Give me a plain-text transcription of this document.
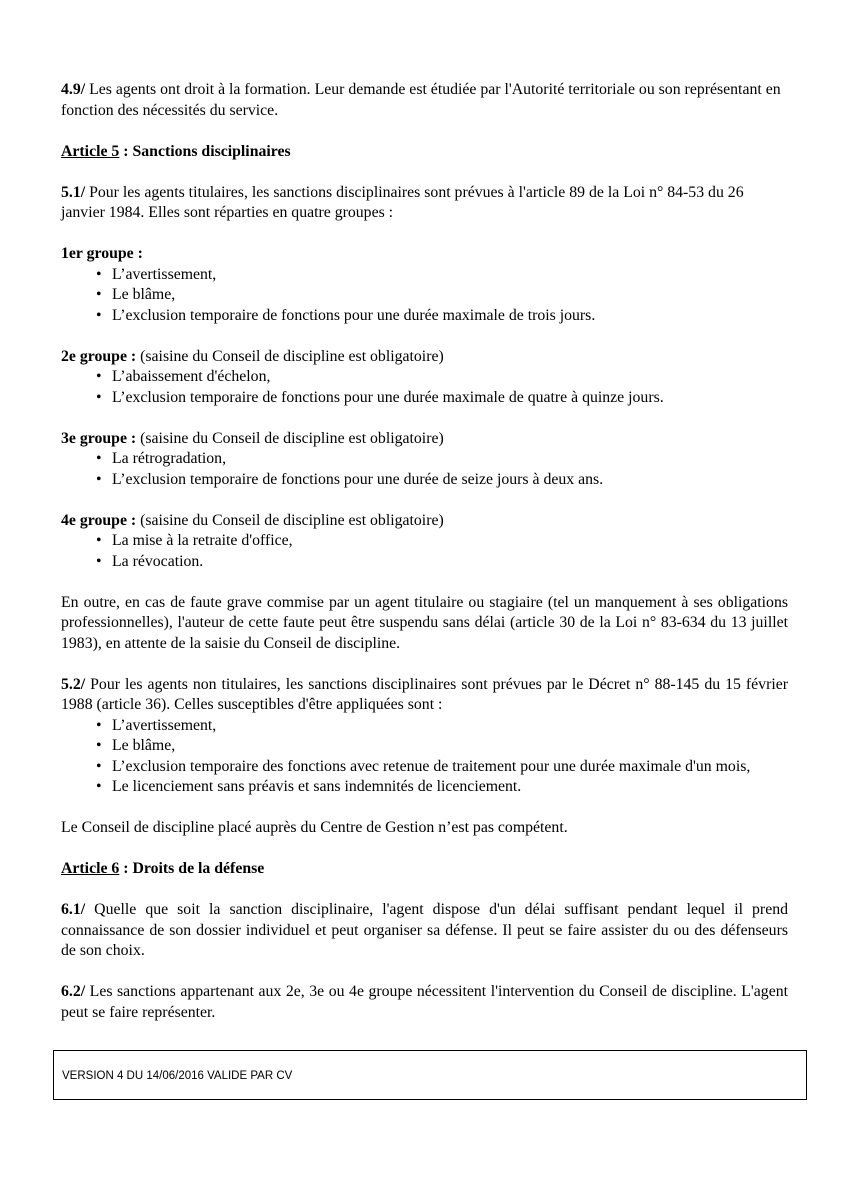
4.9/ Les agents ont droit à la formation. Leur demande est étudiée par l'Autorité territoriale ou son représentant en fonction des nécessités du service.

Article 5 : Sanctions disciplinaires

5.1/ Pour les agents titulaires, les sanctions disciplinaires sont prévues à l'article 89 de la Loi n° 84-53 du 26 janvier 1984. Elles sont réparties en quatre groupes :

1er groupe :

• L’avertissement,
• Le blâme,
• L’exclusion temporaire de fonctions pour une durée maximale de trois jours.

2e groupe : (saisine du Conseil de discipline est obligatoire)

• L’abaissement d'échelon,
• L’exclusion temporaire de fonctions pour une durée maximale de quatre à quinze jours.

3e groupe : (saisine du Conseil de discipline est obligatoire)

• La rétrogradation,
• L’exclusion temporaire de fonctions pour une durée de seize jours à deux ans.

4e groupe : (saisine du Conseil de discipline est obligatoire)

• La mise à la retraite d'office,
• La révocation.

En outre, en cas de faute grave commise par un agent titulaire ou stagiaire (tel un manquement à ses obligations professionnelles), l'auteur de cette faute peut être suspendu sans délai (article 30 de la Loi n° 83-634 du 13 juillet 1983), en attente de la saisie du Conseil de discipline.

5.2/ Pour les agents non titulaires, les sanctions disciplinaires sont prévues par le Décret n° 88-145 du 15 février 1988 (article 36). Celles susceptibles d'être appliquées sont :

• L’avertissement,
• Le blâme,
• L’exclusion temporaire des fonctions avec retenue de traitement pour une durée maximale d'un mois,
• Le licenciement sans préavis et sans indemnités de licenciement.

Le Conseil de discipline placé auprès du Centre de Gestion n’est pas compétent.

Article 6 : Droits de la défense

6.1/ Quelle que soit la sanction disciplinaire, l'agent dispose d'un délai suffisant pendant lequel il prend connaissance de son dossier individuel et peut organiser sa défense. Il peut se faire assister du ou des défenseurs de son choix.

6.2/ Les sanctions appartenant aux 2e, 3e ou 4e groupe nécessitent l'intervention du Conseil de discipline. L'agent peut se faire représenter.

VERSION 4 DU 14/06/2016 VALIDE PAR CV
